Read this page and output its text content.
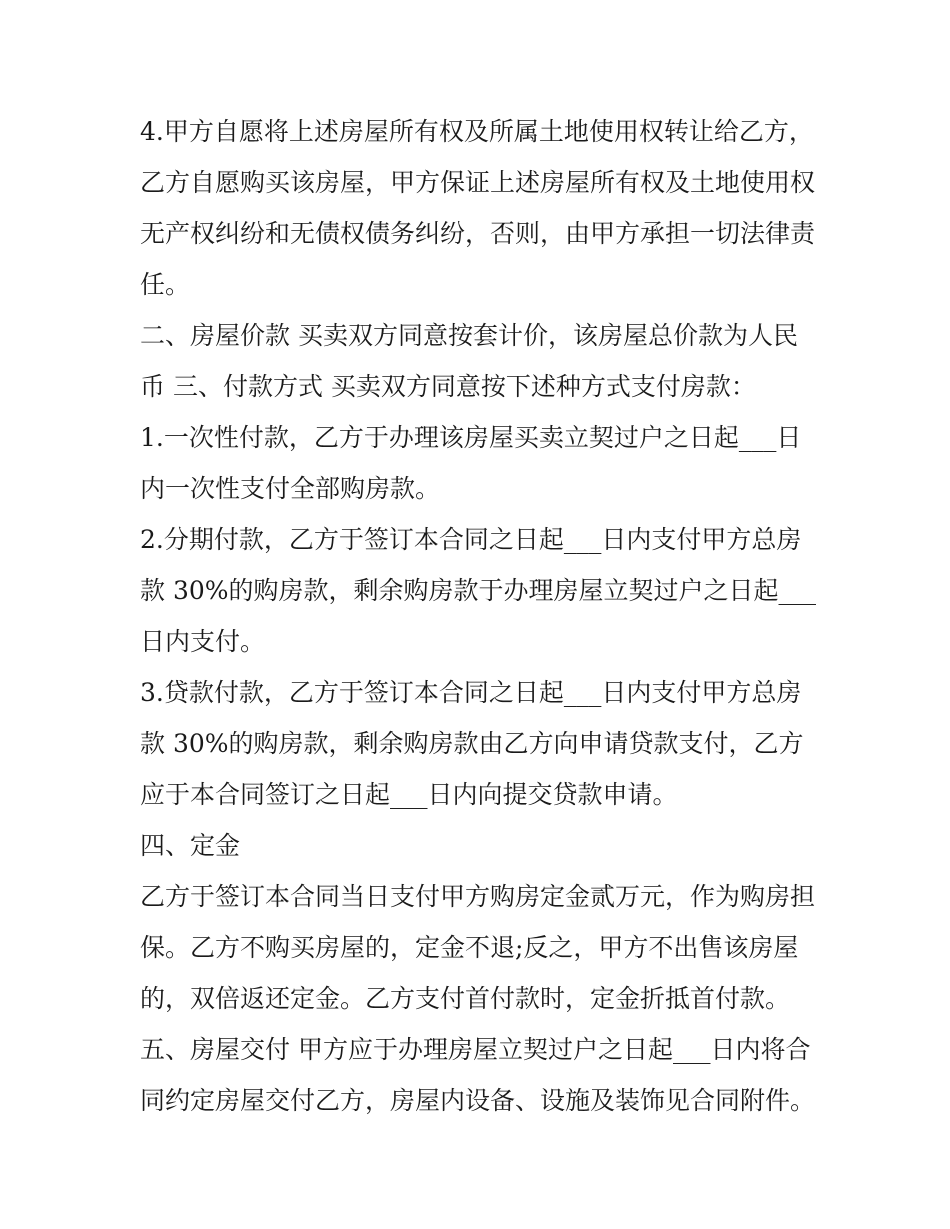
4.甲方自愿将上述房屋所有权及所属土地使用权转让给乙方，
乙方自愿购买该房屋，甲方保证上述房屋所有权及土地使用权
无产权纠纷和无债权债务纠纷，否则，由甲方承担一切法律责
任。
二、房屋价款 买卖双方同意按套计价，该房屋总价款为人民
币 三、付款方式 买卖双方同意按下述种方式支付房款：
1.一次性付款，乙方于办理该房屋买卖立契过户之日起___日
内一次性支付全部购房款。
2.分期付款，乙方于签订本合同之日起___日内支付甲方总房
款 30%的购房款，剩余购房款于办理房屋立契过户之日起___
日内支付。
3.贷款付款，乙方于签订本合同之日起___日内支付甲方总房
款 30%的购房款，剩余购房款由乙方向申请贷款支付，乙方
应于本合同签订之日起___日内向提交贷款申请。
四、定金
乙方于签订本合同当日支付甲方购房定金贰万元，作为购房担
保。乙方不购买房屋的，定金不退;反之，甲方不出售该房屋
的，双倍返还定金。乙方支付首付款时，定金折抵首付款。
五、房屋交付 甲方应于办理房屋立契过户之日起___日内将合
同约定房屋交付乙方，房屋内设备、设施及装饰见合同附件。
